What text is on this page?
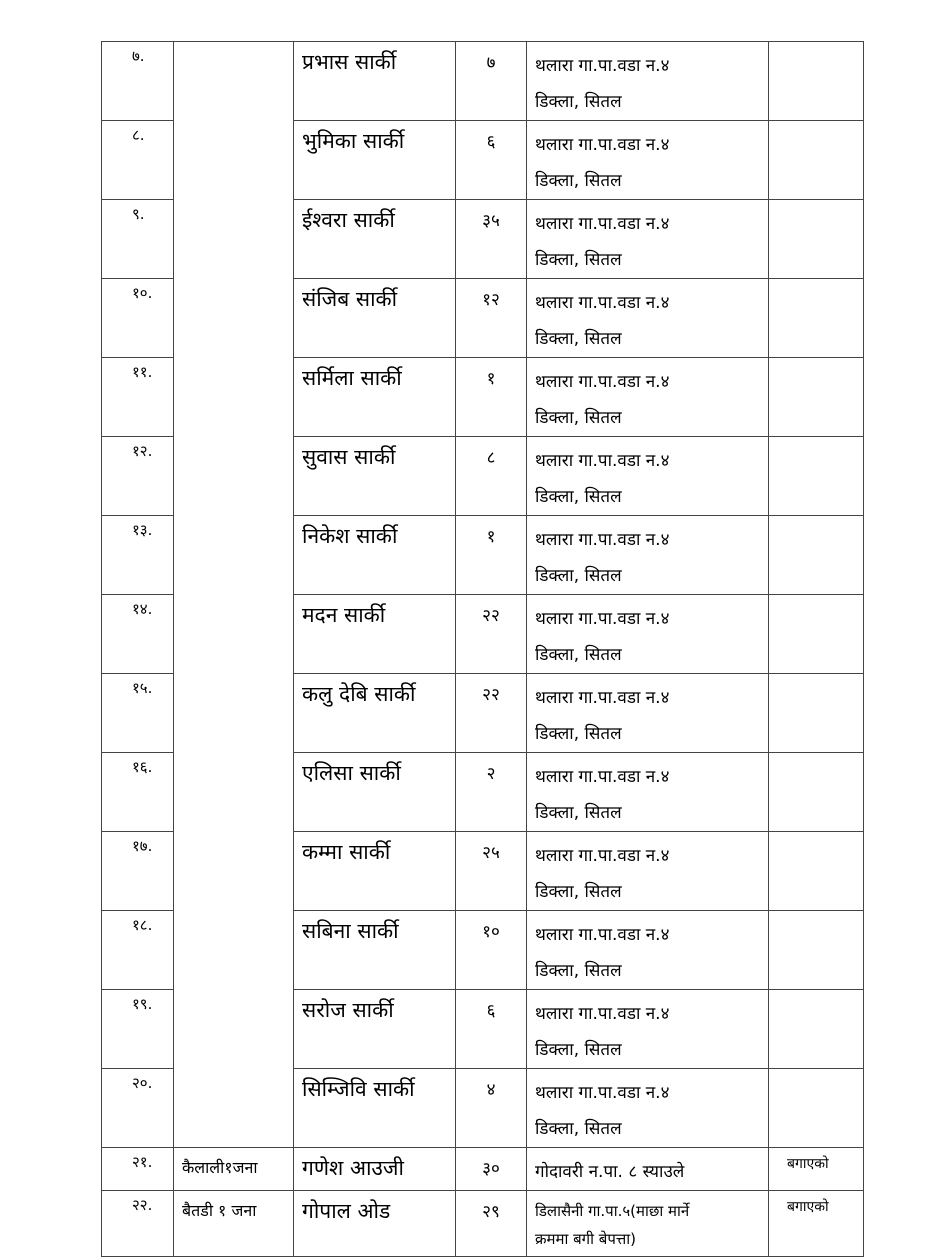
७.		प्रभास सार्की	७	थलारा गा.पा.वडा न.४
डिक्ला, सितल	

८.		भुमिका सार्की	६	थलारा गा.पा.वडा न.४
डिक्ला, सितल	

९.		ईश्वरा सार्की	३५	थलारा गा.पा.वडा न.४
डिक्ला, सितल	

१०.		संजिब सार्की	१२	थलारा गा.पा.वडा न.४
डिक्ला, सितल	

११.		सर्मिला सार्की	१	थलारा गा.पा.वडा न.४
डिक्ला, सितल	

१२.		सुवास सार्की	८	थलारा गा.पा.वडा न.४
डिक्ला, सितल	

१३.		निकेश सार्की	१	थलारा गा.पा.वडा न.४
डिक्ला, सितल	

१४.		मदन सार्की	२२	थलारा गा.पा.वडा न.४
डिक्ला, सितल	

१५.		कलु देबि सार्की	२२	थलारा गा.पा.वडा न.४
डिक्ला, सितल	

१६.		एलिसा सार्की	२	थलारा गा.पा.वडा न.४
डिक्ला, सितल	

१७.		कम्मा सार्की	२५	थलारा गा.पा.वडा न.४
डिक्ला, सितल	

१८.		सबिना सार्की	१०	थलारा गा.पा.वडा न.४
डिक्ला, सितल	

१९.		सरोज सार्की	६	थलारा गा.पा.वडा न.४
डिक्ला, सितल	

२०.		सिम्जिवि सार्की	४	थलारा गा.पा.वडा न.४
डिक्ला, सितल	

२१.	कैलाली१जना	गणेश आउजी	३०	गोदावरी न.पा. ८ स्याउले	बगाएको
२२.	बैतडी १ जना	गोपाल ओड	२९	डिलासैनी गा.पा.५(माछा मार्ने
क्रममा बगी बेपत्ता)	बगाएको
